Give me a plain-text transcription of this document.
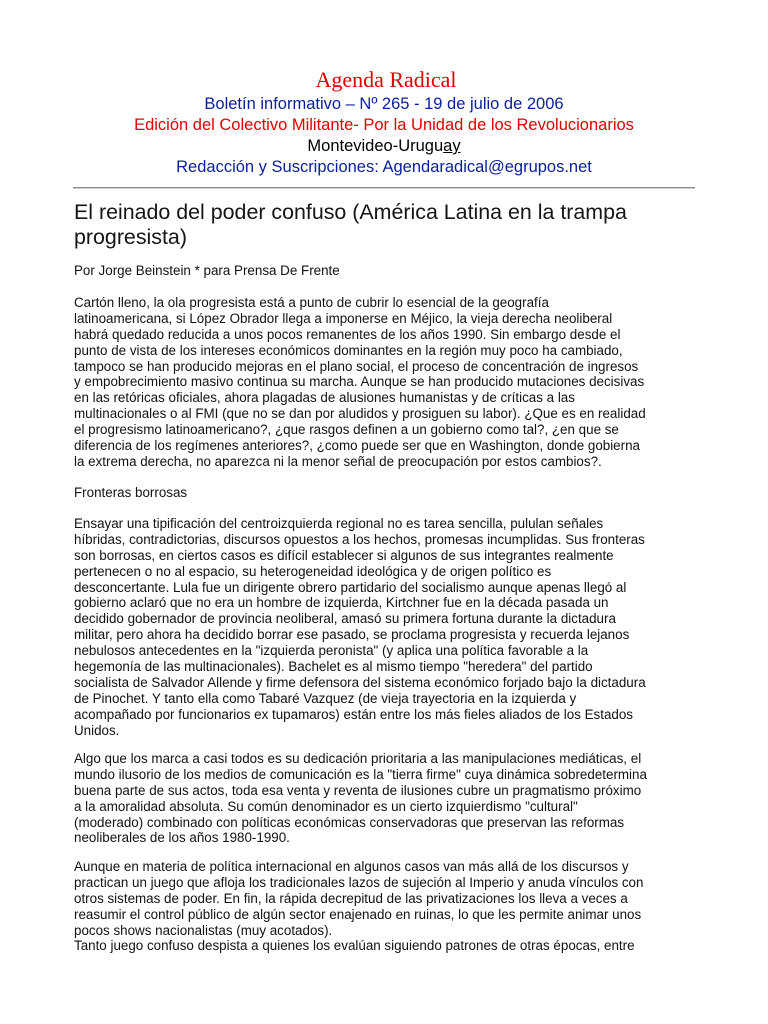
Agenda Radical
Boletín informativo – Nº 265 - 19 de julio de 2006
Edición del Colectivo Militante- Por la Unidad de los Revolucionarios
Montevideo-Uruguay
Redacción y Suscripciones: Agendaradical@egrupos.net
El reinado del poder confuso (América Latina en la trampa progresista)
Por Jorge Beinstein * para Prensa De Frente
Cartón lleno, la ola progresista está a punto de cubrir lo esencial de la geografía
latinoamericana, si López Obrador llega a imponerse en Méjico, la vieja derecha neoliberal
habrá quedado reducida a unos pocos remanentes de los años 1990. Sin embargo desde el
punto de vista de los intereses económicos dominantes en la región muy poco ha cambiado,
tampoco se han producido mejoras en el plano social, el proceso de concentración de ingresos
y empobrecimiento masivo continua su marcha. Aunque se han producido mutaciones decisivas
en las retóricas oficiales, ahora plagadas de alusiones humanistas y de críticas a las
multinacionales o al FMI (que no se dan por aludidos y prosiguen su labor). ¿Que es en realidad
el progresismo latinoamericano?, ¿que rasgos definen a un gobierno como tal?, ¿en que se
diferencia de los regímenes anteriores?, ¿como puede ser que en Washington, donde gobierna
la extrema derecha, no aparezca ni la menor señal de preocupación por estos cambios?.
Fronteras borrosas
Ensayar una tipificación del centroizquierda regional no es tarea sencilla, pululan señales
híbridas, contradictorias, discursos opuestos a los hechos, promesas incumplidas. Sus fronteras
son borrosas, en ciertos casos es difícil establecer si algunos de sus integrantes realmente
pertenecen o no al espacio, su heterogeneidad ideológica y de origen político es
desconcertante. Lula fue un dirigente obrero partidario del socialismo aunque apenas llegó al
gobierno aclaró que no era un hombre de izquierda, Kirtchner fue en la década pasada un
decidido gobernador de provincia neoliberal, amasó su primera fortuna durante la dictadura
militar, pero ahora ha decidido borrar ese pasado, se proclama progresista y recuerda lejanos
nebulosos antecedentes en la "izquierda peronista" (y aplica una política favorable a la
hegemonía de las multinacionales). Bachelet es al mismo tiempo "heredera" del partido
socialista de Salvador Allende y firme defensora del sistema económico forjado bajo la dictadura
de Pinochet. Y tanto ella como Tabaré Vazquez (de vieja trayectoria en la izquierda y
acompañado por funcionarios ex tupamaros) están entre los más fieles aliados de los Estados
Unidos.
Algo que los marca a casi todos es su dedicación prioritaria a las manipulaciones mediáticas, el
mundo ilusorio de los medios de comunicación es la "tierra firme" cuya dinámica sobredetermina
buena parte de sus actos, toda esa venta y reventa de ilusiones cubre un pragmatismo próximo
a la amoralidad absoluta. Su común denominador es un cierto izquierdismo "cultural"
(moderado) combinado con políticas económicas conservadoras que preservan las reformas
neoliberales de los años 1980-1990.
Aunque en materia de política internacional en algunos casos van más allá de los discursos y
practican un juego que afloja los tradicionales lazos de sujeción al Imperio y anuda vínculos con
otros sistemas de poder. En fin, la rápida decrepitud de las privatizaciones los lleva a veces a
reasumir el control público de algún sector enajenado en ruinas, lo que les permite animar unos
pocos shows nacionalistas (muy acotados).
Tanto juego confuso despista a quienes los evalúan siguiendo patrones de otras épocas, entre
